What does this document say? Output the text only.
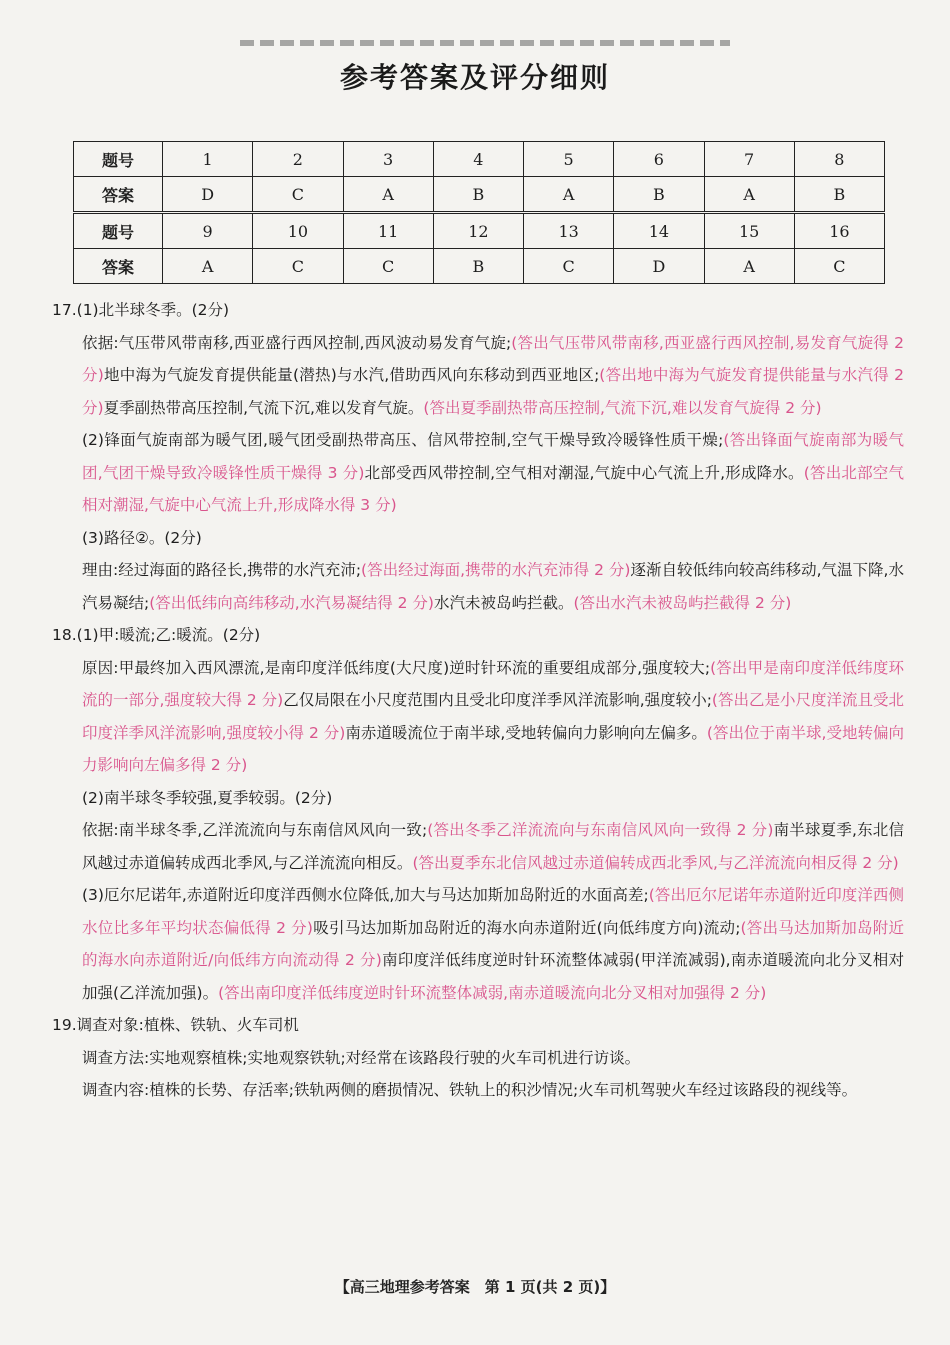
参考答案及评分细则
题号	1	2	3	4	5	6	7	8
答案	D	C	A	B	A	B	A	B
题号	9	10	11	12	13	14	15	16
答案	A	C	C	B	C	D	A	C

17.(1)北半球冬季。(2分)

依据:气压带风带南移,西亚盛行西风控制,西风波动易发育气旋;(答出气压带风带南移,西亚盛行西风控制,易发育气旋得 2 分)地中海为气旋发育提供能量(潜热)与水汽,借助西风向东移动到西亚地区;(答出地中海为气旋发育提供能量与水汽得 2 分)夏季副热带高压控制,气流下沉,难以发育气旋。(答出夏季副热带高压控制,气流下沉,难以发育气旋得 2 分)

(2)锋面气旋南部为暖气团,暖气团受副热带高压、信风带控制,空气干燥导致冷暖锋性质干燥;(答出锋面气旋南部为暖气团,气团干燥导致冷暖锋性质干燥得 3 分)北部受西风带控制,空气相对潮湿,气旋中心气流上升,形成降水。(答出北部空气相对潮湿,气旋中心气流上升,形成降水得 3 分)

(3)路径②。(2分)

理由:经过海面的路径长,携带的水汽充沛;(答出经过海面,携带的水汽充沛得 2 分)逐渐自较低纬向较高纬移动,气温下降,水汽易凝结;(答出低纬向高纬移动,水汽易凝结得 2 分)水汽未被岛屿拦截。(答出水汽未被岛屿拦截得 2 分)

18.(1)甲:暖流;乙:暖流。(2分)

原因:甲最终加入西风漂流,是南印度洋低纬度(大尺度)逆时针环流的重要组成部分,强度较大;(答出甲是南印度洋低纬度环流的一部分,强度较大得 2 分)乙仅局限在小尺度范围内且受北印度洋季风洋流影响,强度较小;(答出乙是小尺度洋流且受北印度洋季风洋流影响,强度较小得 2 分)南赤道暖流位于南半球,受地转偏向力影响向左偏多。(答出位于南半球,受地转偏向力影响向左偏多得 2 分)

(2)南半球冬季较强,夏季较弱。(2分)

依据:南半球冬季,乙洋流流向与东南信风风向一致;(答出冬季乙洋流流向与东南信风风向一致得 2 分)南半球夏季,东北信风越过赤道偏转成西北季风,与乙洋流流向相反。(答出夏季东北信风越过赤道偏转成西北季风,与乙洋流流向相反得 2 分)

(3)厄尔尼诺年,赤道附近印度洋西侧水位降低,加大与马达加斯加岛附近的水面高差;(答出厄尔尼诺年赤道附近印度洋西侧水位比多年平均状态偏低得 2 分)吸引马达加斯加岛附近的海水向赤道附近(向低纬度方向)流动;(答出马达加斯加岛附近的海水向赤道附近/向低纬方向流动得 2 分)南印度洋低纬度逆时针环流整体减弱(甲洋流减弱),南赤道暖流向北分叉相对加强(乙洋流加强)。(答出南印度洋低纬度逆时针环流整体减弱,南赤道暖流向北分叉相对加强得 2 分)

19.调查对象:植株、铁轨、火车司机

调查方法:实地观察植株;实地观察铁轨;对经常在该路段行驶的火车司机进行访谈。

调查内容:植株的长势、存活率;铁轨两侧的磨损情况、铁轨上的积沙情况;火车司机驾驶火车经过该路段的视线等。

【高三地理参考答案　第 1 页(共 2 页)】
